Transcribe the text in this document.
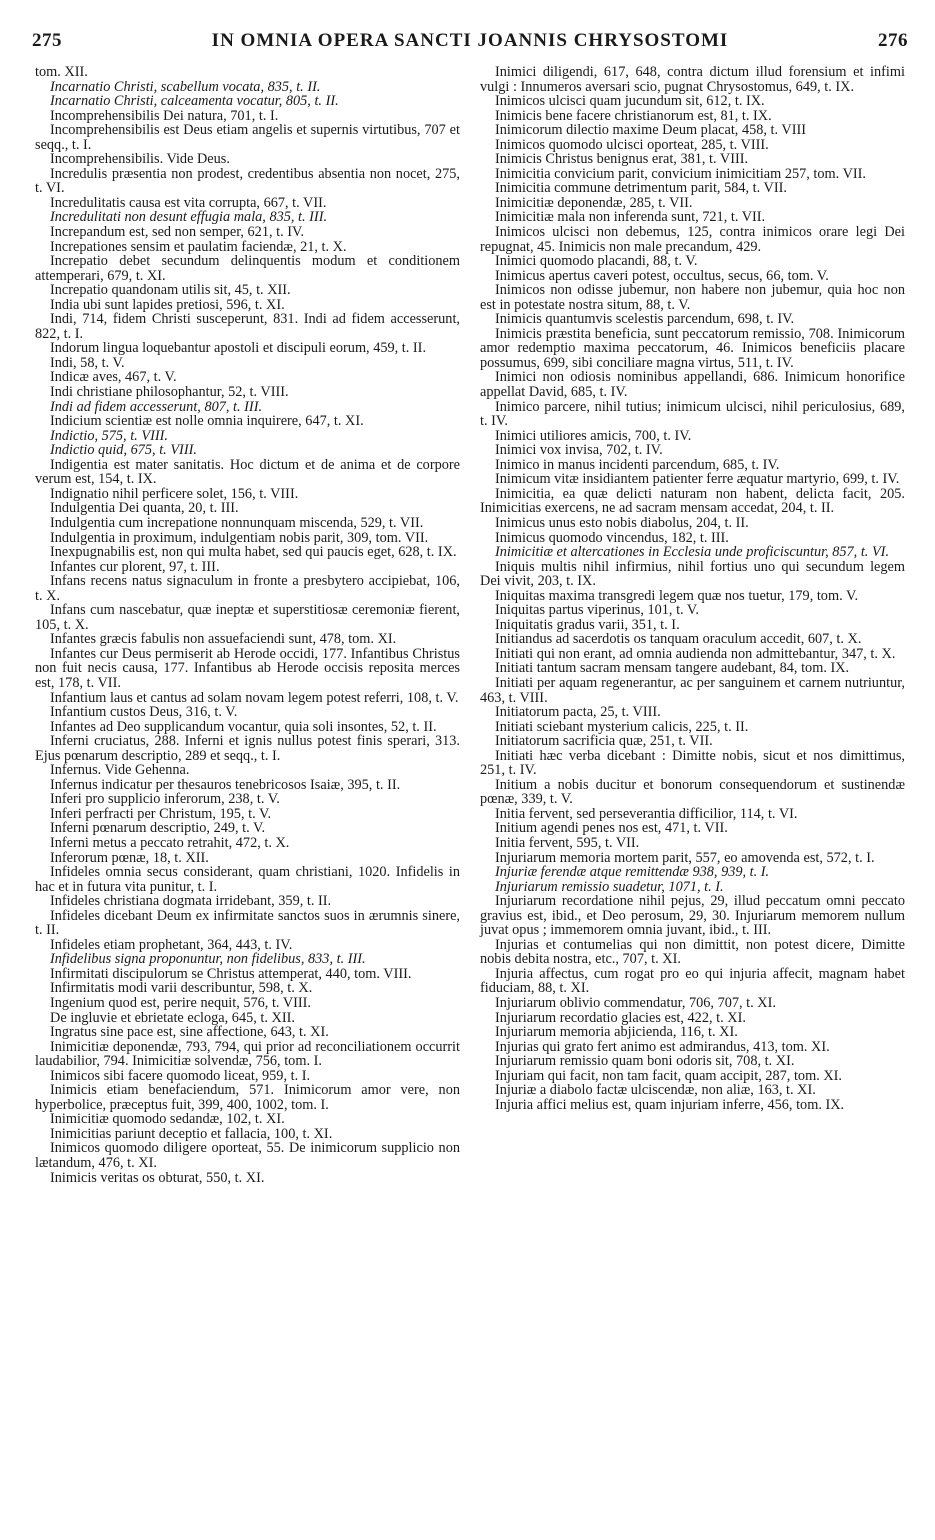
275	IN OMNIA OPERA SANCTI JOANNIS CHRYSOSTOMI	276

tom. XII.

Incarnatio Christi, scabellum vocata, 835, t. II.

Incarnatio Christi, calceamenta vocatur, 805, t. II.

Incomprehensibilis Dei natura, 701, t. I.

Incomprehensibilis est Deus etiam angelis et supernis virtutibus, 707 et seqq., t. I.

Incomprehensibilis. Vide Deus.

Incredulis præsentia non prodest, credentibus absentia non nocet, 275, t. VI.

Incredulitatis causa est vita corrupta, 667, t. VII.

Incredulitati non desunt effugia mala, 835, t. III.

Increpandum est, sed non semper, 621, t. IV.

Increpationes sensim et paulatim faciendæ, 21, t. X.

Increpatio debet secundum delinquentis modum et conditionem attemperari, 679, t. XI.

Increpatio quandonam utilis sit, 45, t. XII.

India ubi sunt lapides pretiosi, 596, t. XI.

Indi, 714, fidem Christi susceperunt, 831. Indi ad fidem accesserunt, 822, t. I.

Indorum lingua loquebantur apostoli et discipuli eorum, 459, t. II.

Indi, 58, t. V.

Indicæ aves, 467, t. V.

Indi christiane philosophantur, 52, t. VIII.

Indi ad fidem accesserunt, 807, t. III.

Indicium scientiæ est nolle omnia inquirere, 647, t. XI.

Indictio, 575, t. VIII.

Indictio quid, 675, t. VIII.

Indigentia est mater sanitatis. Hoc dictum et de anima et de corpore verum est, 154, t. IX.

Indignatio nihil perficere solet, 156, t. VIII.

Indulgentia Dei quanta, 20, t. III.

Indulgentia cum increpatione nonnunquam miscenda, 529, t. VII.

Indulgentia in proximum, indulgentiam nobis parit, 309, tom. VII.

Inexpugnabilis est, non qui multa habet, sed qui paucis eget, 628, t. IX.

Infantes cur plorent, 97, t. III.

Infans recens natus signaculum in fronte a presbytero accipiebat, 106, t. X.

Infans cum nascebatur, quæ ineptæ et superstitiosæ ceremoniæ fierent, 105, t. X.

Infantes græcis fabulis non assuefaciendi sunt, 478, tom. XI.

Infantes cur Deus permiserit ab Herode occidi, 177. Infantibus Christus non fuit necis causa, 177. Infantibus ab Herode occisis reposita merces est, 178, t. VII.

Infantium laus et cantus ad solam novam legem potest referri, 108, t. V.

Infantium custos Deus, 316, t. V.

Infantes ad Deo supplicandum vocantur, quia soli insontes, 52, t. II.

Inferni cruciatus, 288. Inferni et ignis nullus potest finis sperari, 313. Ejus pœnarum descriptio, 289 et seqq., t. I.

Infernus. Vide Gehenna.

Infernus indicatur per thesauros tenebricosos Isaiæ, 395, t. II.

Inferi pro supplicio inferorum, 238, t. V.

Inferi perfracti per Christum, 195, t. V.

Inferni pœnarum descriptio, 249, t. V.

Inferni metus a peccato retrahit, 472, t. X.

Inferorum pœnæ, 18, t. XII.

Infideles omnia secus considerant, quam christiani, 1020. Infidelis in hac et in futura vita punitur, t. I.

Infideles christiana dogmata irridebant, 359, t. II.

Infideles dicebant Deum ex infirmitate sanctos suos in ærumnis sinere, t. II.

Infideles etiam prophetant, 364, 443, t. IV.

Infidelibus signa proponuntur, non fidelibus, 833, t. III.

Infirmitati discipulorum se Christus attemperat, 440, tom. VIII.

Infirmitatis modi varii describuntur, 598, t. X.

Ingenium quod est, perire nequit, 576, t. VIII.

De ingluvie et ebrietate ecloga, 645, t. XII.

Ingratus sine pace est, sine affectione, 643, t. XI.

Inimicitiæ deponendæ, 793, 794, qui prior ad reconciliationem occurrit laudabilior, 794. Inimicitiæ solvendæ, 756, tom. I.

Inimicos sibi facere quomodo liceat, 959, t. I.

Inimicis etiam benefaciendum, 571. Inimicorum amor vere, non hyperbolice, præceptus fuit, 399, 400, 1002, tom. I.

Inimicitiæ quomodo sedandæ, 102, t. XI.

Inimicitias pariunt deceptio et fallacia, 100, t. XI.

Inimicos quomodo diligere oporteat, 55. De inimicorum supplicio non lætandum, 476, t. XI.

Inimicis veritas os obturat, 550, t. XI.

Inimici diligendi, 617, 648, contra dictum illud forensium et infimi vulgi : Innumeros aversari scio, pugnat Chrysostomus, 649, t. IX.

Inimicos ulcisci quam jucundum sit, 612, t. IX.

Inimicis bene facere christianorum est, 81, t. IX.

Inimicorum dilectio maxime Deum placat, 458, t. VIII

Inimicos quomodo ulcisci oporteat, 285, t. VIII.

Inimicis Christus benignus erat, 381, t. VIII.

Inimicitia convicium parit, convicium inimicitiam 257, tom. VII.

Inimicitia commune detrimentum parit, 584, t. VII.

Inimicitiæ deponendæ, 285, t. VII.

Inimicitiæ mala non inferenda sunt, 721, t. VII.

Inimicos ulcisci non debemus, 125, contra inimicos orare legi Dei repugnat, 45. Inimicis non male precandum, 429.

Inimici quomodo placandi, 88, t. V.

Inimicus apertus caveri potest, occultus, secus, 66, tom. V.

Inimicos non odisse jubemur, non habere non jubemur, quia hoc non est in potestate nostra situm, 88, t. V.

Inimicis quantumvis scelestis parcendum, 698, t. IV.

Inimicis præstita beneficia, sunt peccatorum remissio, 708. Inimicorum amor redemptio maxima peccatorum, 46. Inimicos beneficiis placare possumus, 699, sibi conciliare magna virtus, 511, t. IV.

Inimici non odiosis nominibus appellandi, 686. Inimicum honorifice appellat David, 685, t. IV.

Inimico parcere, nihil tutius; inimicum ulcisci, nihil periculosius, 689, t. IV.

Inimici utiliores amicis, 700, t. IV.

Inimici vox invisa, 702, t. IV.

Inimico in manus incidenti parcendum, 685, t. IV.

Inimicum vitæ insidiantem patienter ferre æquatur martyrio, 699, t. IV.

Inimicitia, ea quæ delicti naturam non habent, delicta facit, 205. Inimicitias exercens, ne ad sacram mensam accedat, 204, t. II.

Inimicus unus esto nobis diabolus, 204, t. II.

Inimicus quomodo vincendus, 182, t. III.

Inimicitiæ et altercationes in Ecclesia unde proficiscuntur, 857, t. VI.

Iniquis multis nihil infirmius, nihil fortius uno qui secundum legem Dei vivit, 203, t. IX.

Iniquitas maxima transgredi legem quæ nos tuetur, 179, tom. V.

Iniquitas partus viperinus, 101, t. V.

Iniquitatis gradus varii, 351, t. I.

Initiandus ad sacerdotis os tanquam oraculum accedit, 607, t. X.

Initiati qui non erant, ad omnia audienda non admittebantur, 347, t. X.

Initiati tantum sacram mensam tangere audebant, 84, tom. IX.

Initiati per aquam regenerantur, ac per sanguinem et carnem nutriuntur, 463, t. VIII.

Initiatorum pacta, 25, t. VIII.

Initiati sciebant mysterium calicis, 225, t. II.

Initiatorum sacrificia quæ, 251, t. VII.

Initiati hæc verba dicebant : Dimitte nobis, sicut et nos dimittimus, 251, t. IV.

Initium a nobis ducitur et bonorum consequendorum et sustinendæ pœnæ, 339, t. V.

Initia fervent, sed perseverantia difficilior, 114, t. VI.

Initium agendi penes nos est, 471, t. VII.

Initia fervent, 595, t. VII.

Injuriarum memoria mortem parit, 557, eo amovenda est, 572, t. I.

Injuriæ ferendæ atque remittendæ 938, 939, t. I.

Injuriarum remissio suadetur, 1071, t. I.

Injuriarum recordatione nihil pejus, 29, illud peccatum omni peccato gravius est, ibid., et Deo perosum, 29, 30. Injuriarum memorem nullum juvat opus ; immemorem omnia juvant, ibid., t. III.

Injurias et contumelias qui non dimittit, non potest dicere, Dimitte nobis debita nostra, etc., 707, t. XI.

Injuria affectus, cum rogat pro eo qui injuria affecit, magnam habet fiduciam, 88, t. XI.

Injuriarum oblivio commendatur, 706, 707, t. XI.

Injuriarum recordatio glacies est, 422, t. XI.

Injuriarum memoria abjicienda, 116, t. XI.

Injurias qui grato fert animo est admirandus, 413, tom. XI.

Injuriarum remissio quam boni odoris sit, 708, t. XI.

Injuriam qui facit, non tam facit, quam accipit, 287, tom. XI.

Injuriæ a diabolo factæ ulciscendæ, non aliæ, 163, t. XI.

Injuria affici melius est, quam injuriam inferre, 456, tom. IX.
